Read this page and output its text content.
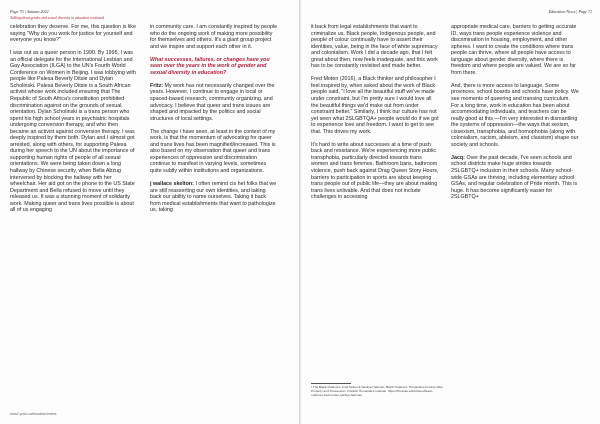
Page 70 | Autumn 2022
Talking about gender and sexual diversity in education continued

celebration they deserve. For me, this question is like saying "Why do you work for justice for yourself and everyone you know?"

I was out as a queer person in 1990. By 1995, I was an official delegate for the International Lesbian and Gay Association (ILGA) to the UN's Fourth World Conference on Women in Beijing. I was lobbying with people like Palesa Beverly Ditsie and Dylan Scholinski. Palesa Beverly Ditsie is a South African activist whose work included ensuring that The Republic of South Africa's constitution prohibited discrimination against on the grounds of sexual orientation. Dylan Scholinski is a trans person who spent his high school years in psychiatric hospitals undergoing conversion therapy, and who then became an activist against conversion therapy. I was deeply inspired by them both. Dylan and I almost got arrested, along with others, for supporting Palesa during her speech to the UN about the importance of supporting human rights of people of all sexual orientations. We were being taken down a long hallway by Chinese security, when Bella Abzug intervened by blocking the hallway with her wheelchair. Her aid got on the phone to the US State Department and Bella refused to move until they released us. It was a stunning moment of solidarity work. Making queer and trans lives possible is about all of us engaging

in community care. I am constantly inspired by people who do the ongoing work of making more possibility for themselves and others. It's a giant group project and we inspire and support each other in it.

What successes, failures, or changes have you seen over the years in the work of gender and sexual diversity in education?

Fritz: My work has not necessarily changed over the years. However, I continue to engage in local or spaced-based research, community organizing, and advocacy. I believe that queer and trans issues are shaped and impacted by the politics and social structures of local settings.

The change I have seen, at least in the context of my work, is that the momentum of advocating for queer and trans lives has been magnified/increased. This is also based on my observation that queer and trans experiences of oppression and discrimination continue to manifest in varying levels, sometimes quite subtly within institutions and organizations.

j wallace skelton: I often remind cis het folks that we are still reasserting our own identities, and taking back our ability to name ourselves. Taking it back from medical establishments that want to pathologize us, taking

www2.yorku.ca/education/enews
Education News | Page 71

it back from legal establishments that want to criminalize us. Black people, Indigenous people, and people of colour continually have to assert their identities, value, being in the face of white supremacy and colonialism. Work I did a decade ago, that I felt great about then, now feels inadequate, and this work has to be constantly revisited and made better.

Fred Moten (2016), a Black thinker and philosopher I feel inspired by, when asked about the work of Black people said, "I love all the beautiful stuff we've made under constraint, but I'm pretty sure I would love all the beautiful things we'd make out from under constraint better." Similarly, I think our culture has not yet seen what 2SLGBTQA+ people would do if we got to experience love and freedom. I want to get to see that. This drives my work.

It's hard to write about successes at a time of push back and resistance. We're experiencing more public transphobia, particularly directed towards trans women and trans femmes. Bathroom bans, bathroom violence, push back against Drag Queen Story Hours, barriers to participation in sports are about keeping trans people out of public life—they are about making trans lives unlivable. And that does not include challenges in accessing

appropriate medical care, barriers to getting accurate ID, ways trans people experience violence and discrimination in housing, employment, and other spheres. I want to create the conditions where trans people can thrive, where all people have access to language about gender diversity, where there is freedom and where people are valued. We are so far from there.

And, there is more access to language. Some provinces, school boards and schools have policy. We see moments of queering and transing curriculum. For a long time, work in education has been about accommodating individuals, and teachers can be really good at this —I'm very interested in dismantling the systems of oppression—the ways that sexism, cissexism, transphobia, and homophobia (along with colonialism, racism, ableism, and classism) shape our society and schools.

Jacq: Over the past decade, I've seen schools and school districts make huge strides towards 2SLGBTQ+ inclusion in their schools. Many school-wide GSAs are thriving, including elementary school GSAs, and regular celebration of Pride month. This is huge. It has become significantly easier for 2SLGBTQ+

¹ The Black Outdoors: Fred Moten & Saidiya Hartman. Black Outdoors: Humanities Futures After Property and Possession. Franklin Humanities Institute. https://fhi.duke.edu/videos/black-outdoors-fred-moten-saidiya-hartman
